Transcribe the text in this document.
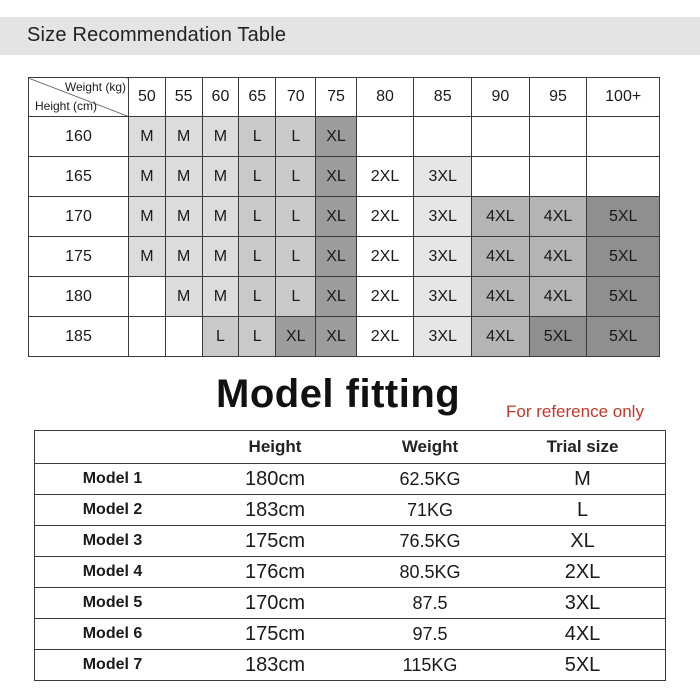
Size Recommendation Table
Weight (kg)
Height (cm)	50	55	60	65	70	75	80	85	90	95	100+
160	M	M	M	L	L	XL					
165	M	M	M	L	L	XL	2XL	3XL			
170	M	M	M	L	L	XL	2XL	3XL	4XL	4XL	5XL
175	M	M	M	L	L	XL	2XL	3XL	4XL	4XL	5XL
180		M	M	L	L	XL	2XL	3XL	4XL	4XL	5XL
185			L	L	XL	XL	2XL	3XL	4XL	5XL	5XL
Model fitting	For reference only
	Height	Weight	Trial size
Model 1	180cm	62.5KG	M
Model 2	183cm	71KG	L
Model 3	175cm	76.5KG	XL
Model 4	176cm	80.5KG	2XL
Model 5	170cm	87.5	3XL
Model 6	175cm	97.5	4XL
Model 7	183cm	115KG	5XL
